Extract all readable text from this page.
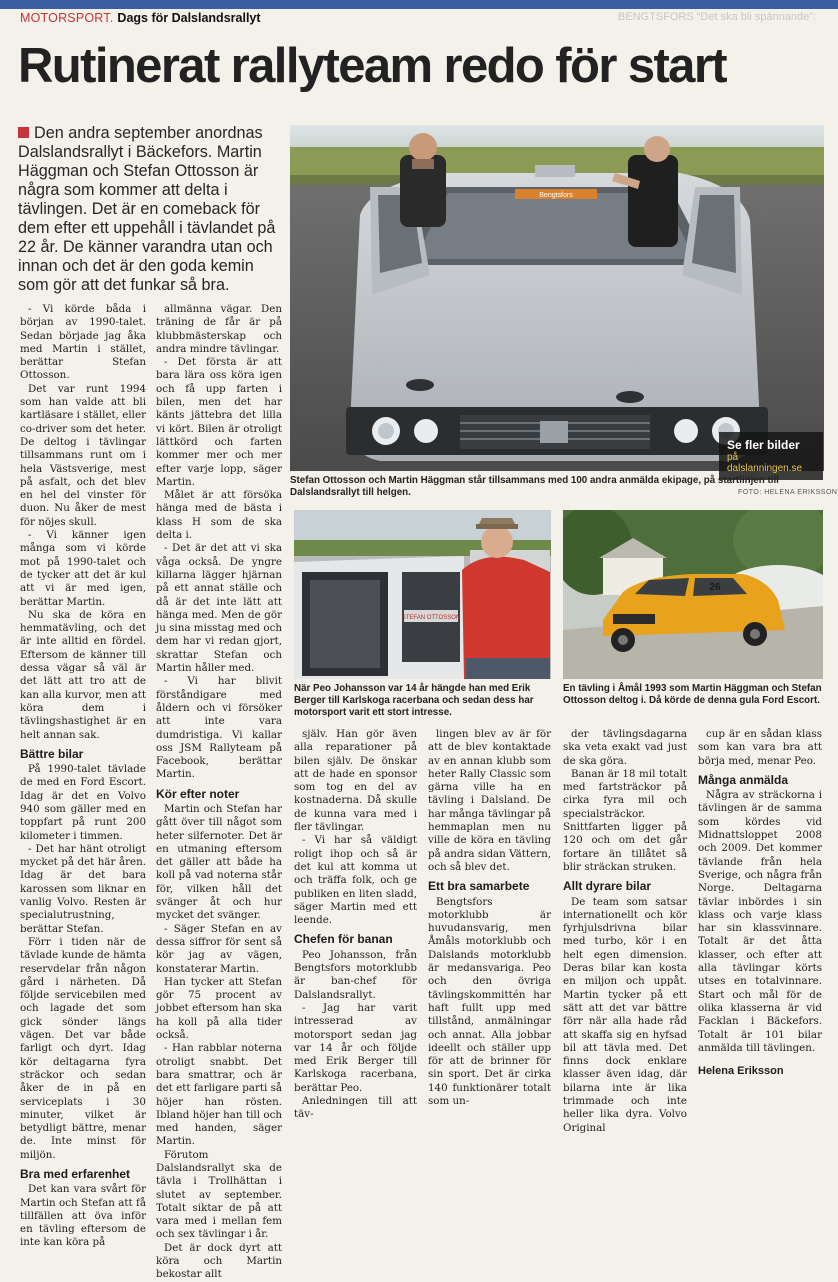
MOTORSPORT. Dags för Dalslandsrallyt	BENGTSFORS “Det ska bli spännande”:
Rutinerat rallyteam redo för start
Den andra september anordnas Dalslandsrallyt i Bäckefors. Martin Häggman och Stefan Ottosson är några som kommer att delta i tävlingen. Det är en comeback för dem efter ett uppehåll i tävlandet på 22 år. De känner varandra utan och innan och det är den goda kemin som gör att det funkar så bra.
Bengtsfors
Se fler bilder
på dalslanningen.se
Stefan Ottosson och Martin Häggman står tillsammans med 100 andra anmälda ekipage, på startlinjen till Dalslandsrallyt till helgen.	FOTO: HELENA ERIKSSON
STEFAN OTTOSSON
När Peo Johansson var 14 år hängde han med Erik Berger till Karlskoga racerbana och sedan dess har motorsport varit ett stort intresse.
26
En tävling i Åmål 1993 som Martin Häggman och Stefan Ottosson deltog i. Då körde de denna gula Ford Escort.

- Vi körde båda i början av 1990-talet. Sedan började jag åka med Martin i stället, berättar Stefan Ottosson.

Det var runt 1994 som han valde att bli kartläsare i stället, eller co-driver som det heter. De deltog i tävlingar tillsammans runt om i hela Västsverige, mest på asfalt, och det blev en hel del vinster för duon. Nu åker de mest för nöjes skull.

- Vi känner igen många som vi körde mot på 1990-talet och de tycker att det är kul att vi är med igen, berättar Martin.

Nu ska de köra en hemmatävling, och det är inte alltid en fördel. Eftersom de känner till dessa vägar så väl är det lätt att tro att de kan alla kurvor, men att köra dem i tävlingshastighet är en helt annan sak.

Bättre bilar

På 1990-talet tävlade de med en Ford Escort. Idag är det en Volvo 940 som gäller med en toppfart på runt 200 kilometer i timmen.

- Det har hänt otroligt mycket på det här åren. Idag är det bara karossen som liknar en vanlig Volvo. Resten är specialutrustning, berättar Stefan.

Förr i tiden när de tävlade kunde de hämta reservdelar från någon gård i närheten. Då följde servicebilen med och lagade det som gick sönder längs vägen. Det var både farligt och dyrt. Idag kör deltagarna fyra sträckor och sedan åker de in på en serviceplats i 30 minuter, vilket är betydligt bättre, menar de. Inte minst för miljön.

Bra med erfarenhet

Det kan vara svårt för Martin och Stefan att få tillfällen att öva inför en tävling eftersom de inte kan köra på

allmänna vägar. Den träning de får är på klubbmästerskap och andra mindre tävlingar.

- Det första är att bara lära oss köra igen och få upp farten i bilen, men det har känts jättebra det lilla vi kört. Bilen är otroligt lättkörd och farten kommer mer och mer efter varje lopp, säger Martin.

Målet är att försöka hänga med de bästa i klass H som de ska delta i.

- Det är det att vi ska våga också. De yngre killarna lägger hjärnan på ett annat ställe och då är det inte lätt att hänga med. Men de gör ju sina misstag med och dem har vi redan gjort, skrattar Stefan och Martin håller med.

- Vi har blivit förståndigare med åldern och vi försöker att inte vara dumdristiga. Vi kallar oss JSM Rallyteam på Facebook, berättar Martin.

Kör efter noter

Martin och Stefan har gått över till något som heter silfernoter. Det är en utmaning eftersom det gäller att både ha koll på vad noterna står för, vilken håll det svänger åt och hur mycket det svänger.

- Säger Stefan en av dessa siffror för sent så kör jag av vägen, konstaterar Martin.

Han tycker att Stefan gör 75 procent av jobbet eftersom han ska ha koll på alla tider också.

- Han rabblar noterna otroligt snabbt. Det bara smattrar, och är det ett farligare parti så höjer han rösten. Ibland höjer han till och med handen, säger Martin.

Förutom Dalslandsrallyt ska de tävla i Trollhättan i slutet av september. Totalt siktar de på att vara med i mellan fem och sex tävlingar i år.

Det är dock dyrt att köra och Martin bekostar allt

själv. Han gör även alla reparationer på bilen själv. De önskar att de hade en sponsor som tog en del av kostnaderna. Då skulle de kunna vara med i fler tävlingar.

- Vi har så väldigt roligt ihop och så är det kul att komma ut och träffa folk, och ge publiken en liten sladd, säger Martin med ett leende.

Chefen för banan

Peo Johansson, från Bengtsfors motorklubb är ban-chef för Dalslandsrallyt.

- Jag har varit intresserad av motorsport sedan jag var 14 år och följde med Erik Berger till Karlskoga racerbana, berättar Peo.

Anledningen till att täv-

lingen blev av är för att de blev kontaktade av en annan klubb som heter Rally Classic som gärna ville ha en tävling i Dalsland. De har många tävlingar på hemmaplan men nu ville de köra en tävling på andra sidan Vättern, och så blev det.

Ett bra samarbete

Bengtsfors motorklubb är huvudansvarig, men Åmåls motorklubb och Dalslands motorklubb är medansvariga. Peo och den övriga tävlingskommittén har haft fullt upp med tillstånd, anmälningar och annat. Alla jobbar ideellt och ställer upp för att de brinner för sin sport. Det är cirka 140 funktionärer totalt som un-

der tävlingsdagarna ska veta exakt vad just de ska göra.

Banan är 18 mil totalt med fartsträckor på cirka fyra mil och specialsträckor. Snittfarten ligger på 120 och om det går fortare än tillåtet så blir sträckan struken.

Allt dyrare bilar

De team som satsar internationellt och kör fyrhjulsdrivna bilar med turbo, kör i en helt egen dimension. Deras bilar kan kosta en miljon och uppåt. Martin tycker på ett sätt att det var bättre förr när alla hade råd att skaffa sig en hyfsad bil att tävla med. Det finns dock enklare klasser även idag, där bilarna inte är lika trimmade och inte heller lika dyra. Volvo Original

cup är en sådan klass som kan vara bra att börja med, menar Peo.

Många anmälda

Några av sträckorna i tävlingen är de samma som kördes vid Midnattsloppet 2008 och 2009. Det kommer tävlande från hela Sverige, och några från Norge. Deltagarna tävlar inbördes i sin klass och varje klass har sin klassvinnare. Totalt är det åtta klasser, och efter att alla tävlingar körts utses en totalvinnare. Start och mål för de olika klasserna är vid Facklan i Bäckefors. Totalt är 101 bilar anmälda till tävlingen.

Helena Eriksson
